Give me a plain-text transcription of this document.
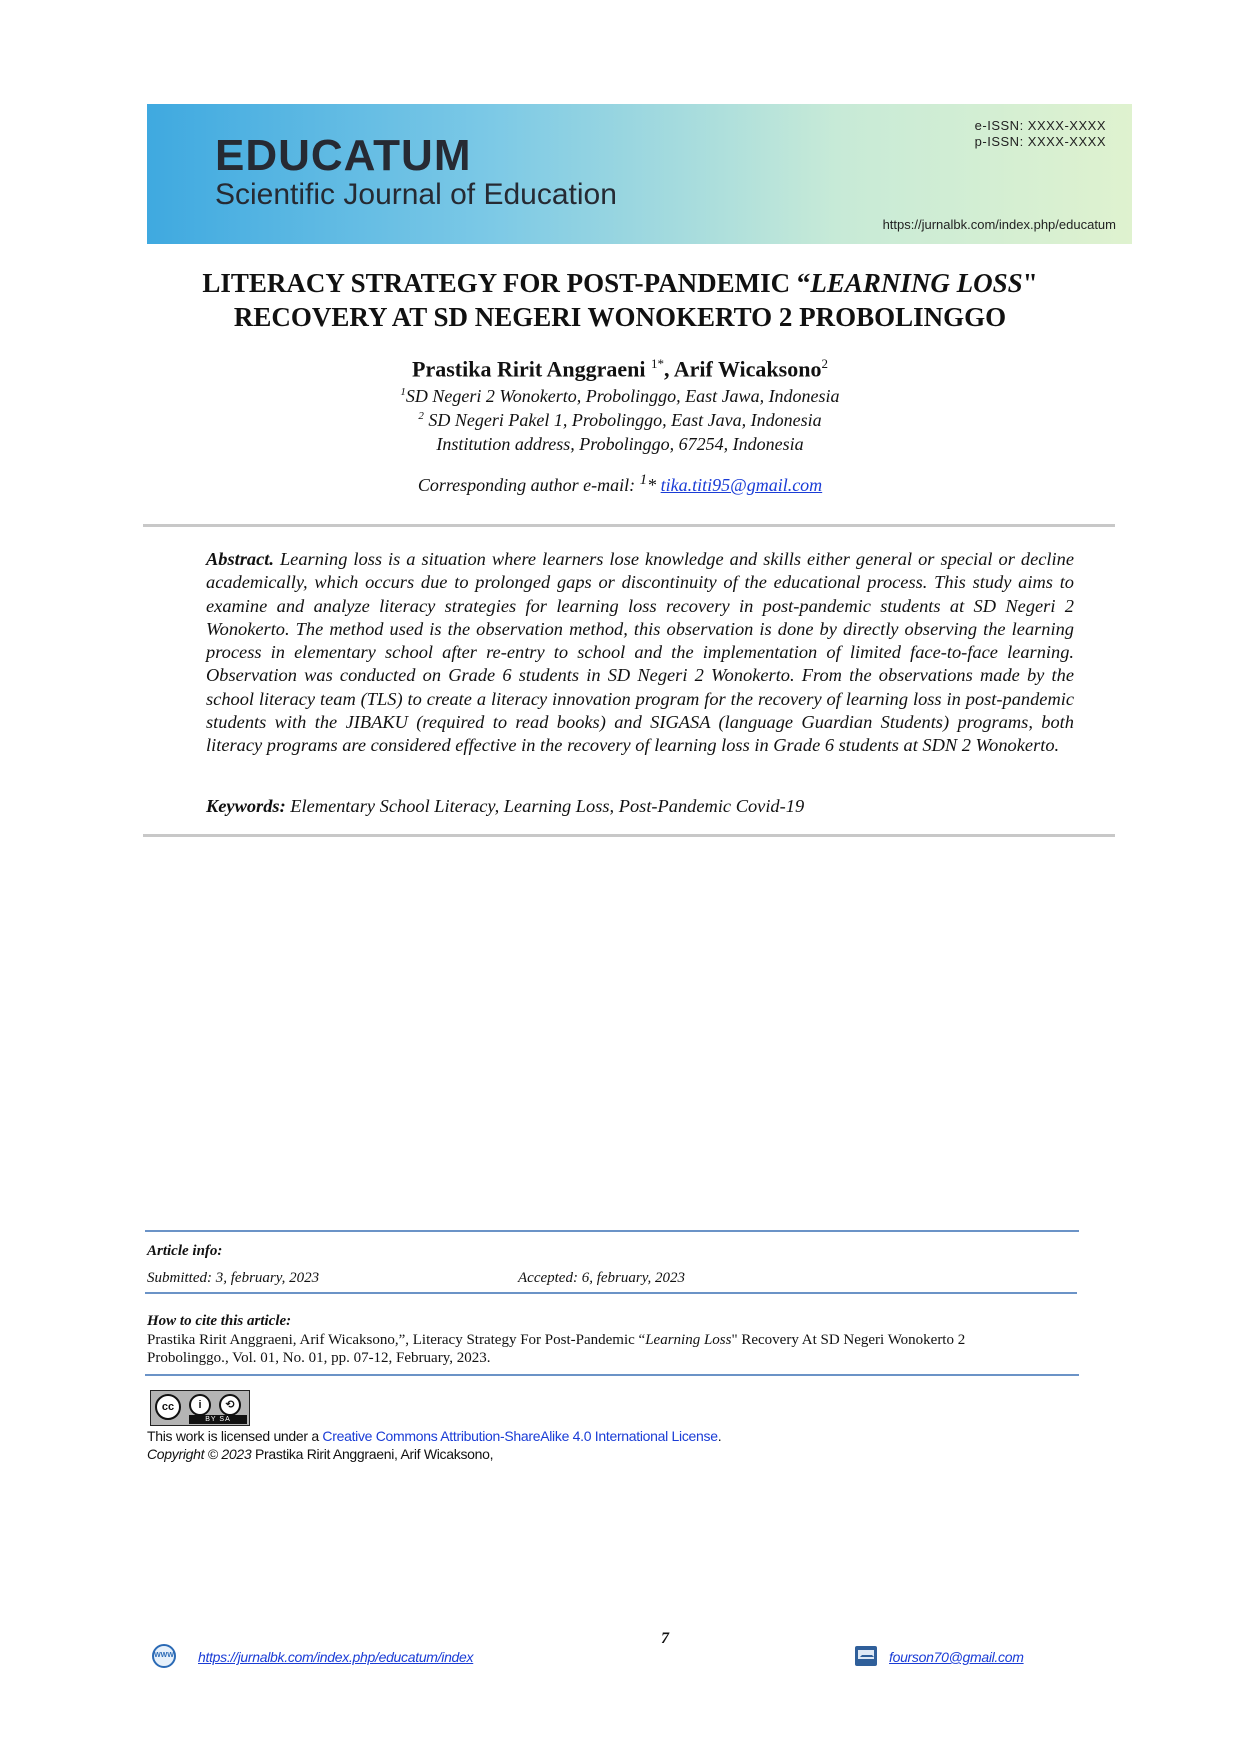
EDUCATUM
Scientific Journal of Education
e-ISSN: XXXX-XXXX
p-ISSN: XXXX-XXXX
https://jurnalbk.com/index.php/educatum
LITERACY STRATEGY FOR POST-PANDEMIC “LEARNING LOSS"
RECOVERY AT SD NEGERI WONOKERTO 2 PROBOLINGGO
Prastika Ririt Anggraeni $^{1*}$, Arif Wicaksono$^2$
$^1$SD Negeri 2 Wonokerto, Probolinggo, East Jawa, Indonesia
$^2$ SD Negeri Pakel 1, Probolinggo, East Java, Indonesia
Institution address, Probolinggo, 67254, Indonesia
Corresponding author e-mail: $^1$* tika.titi95@gmail.com
Abstract. Learning loss is a situation where learners lose knowledge and skills either general or special or decline academically, which occurs due to prolonged gaps or discontinuity of the educational process. This study aims to examine and analyze literacy strategies for learning loss recovery in post-pandemic students at SD Negeri 2 Wonokerto. The method used is the observation method, this observation is done by directly observing the learning process in elementary school after re-entry to school and the implementation of limited face-to-face learning. Observation was conducted on Grade 6 students in SD Negeri 2 Wonokerto. From the observations made by the school literacy team (TLS) to create a literacy innovation program for the recovery of learning loss in post-pandemic students with the JIBAKU (required to read books) and SIGASA (language Guardian Students) programs, both literacy programs are considered effective in the recovery of learning loss in Grade 6 students at SDN 2 Wonokerto.
Keywords: Elementary School Literacy, Learning Loss, Post-Pandemic Covid-19
Article info:
Submitted: 3, february, 2023	Accepted: 6, february, 2023
How to cite this article:
Prastika Ririt Anggraeni, Arif Wicaksono,”, Literacy Strategy For Post-Pandemic “Learning Loss" Recovery At SD Negeri Wonokerto 2
Probolinggo., Vol. 01, No. 01, pp. 07-12, February, 2023.
cc	i	⟲
BY SA
This work is licensed under a Creative Commons Attribution-ShareAlike 4.0 International License.
Copyright © 2023 Prastika Ririt Anggraeni, Arif Wicaksono,
7
WWW https://jurnalbk.com/index.php/educatum/index	fourson70@gmail.com
